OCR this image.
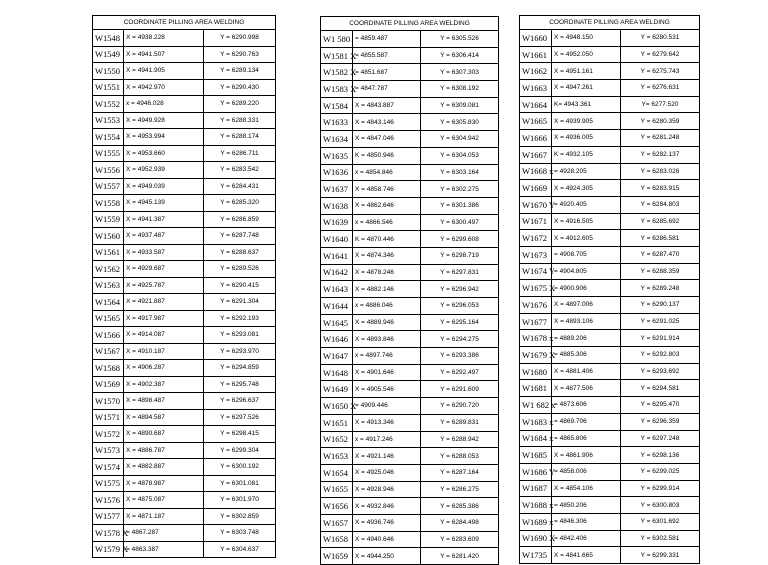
COORDINATE PILLING AREA WELDING		
W1548	X = 4938.228	Y = 6290.998
W1549	X = 4941.507	Y = 6290.763
W1550	X = 4941.905	Y = 6289.134
W1551	X = 4942.970	Y = 6290.430
W1552	x = 4946.028	Y = 6289.220
W1553	X = 4949.928	Y = 6288.331
W1554	X = 4953.994	Y = 6288.174
W1555	X = 4953.660	Y = 6286.711
W1556	X = 4952.939	Y = 6283.542
W1557	X = 4949.039	Y = 6284.431
W1558	X = 4945.139	Y = 6285.320
W1559	X = 4941.387	Y = 6286.859
W1560	X = 4937.487	Y = 6287.748
W1561	X = 4933.587	Y = 6288.637
W1562	X = 4929.687	Y = 6289.526
W1563	X = 4925.787	Y = 6290.415
W1564	X = 4921.887	Y = 6291.304
W1565	X = 4917.987	Y = 6292.193
W1566	X = 4914.087	Y = 6293.081
W1567	X = 4910.187	Y = 6293.970
W1568	X = 4906.287	Y = 6294.859
W1569	X = 4902.387	Y = 6295.748
W1570	X = 4898.487	Y = 6296.637
W1571	X = 4894.587	Y = 6297.526
W1572	X = 4890.687	Y = 6298.415
W1573	X = 4886.787	Y = 6299.304
W1574	X = 4882.887	Y = 6300.192
W1575	X = 4878.987	Y = 6301.081
W1576	X = 4875.087	Y = 6301.970
W1577	X = 4871.187	Y = 6302.859
W1578 X	= 4867.287	Y = 6303.748
W1579 X	= 4863.387	Y = 6304.637
COORDINATE PILLING AREA WELDING		
W1 580	= 4859.487	Y = 6305.526
W1581 X	= 4855.587	Y = 6306.414
W1582 X	= 4851.687	Y = 6307.303
W1583 X	= 4847.787	Y = 6308.192
W1584	X = 4843.887	Y = 6309.081
W1633	X = 4843.146	Y = 6305.830
W1634	X = 4847.046	Y = 6304.942
W1635	K = 4850.946	Y = 6304.053
W1636	x = 4854.846	Y = 6303.164
W1637	X = 4858.746	Y = 6302.275
W1638	X = 4862.646	Y = 6301.386
W1639	x = 4866.546	Y = 6300.497
W1640	K = 4870.446	Y = 6299.608
W1641	X = 4874.346	Y = 6298.719
W1642	X = 4878.246	Y = 6297.831
W1643	X = 4882.146	Y = 6296.942
W1644	x = 4886.046	Y = 6296.053
W1645	X = 4889.946	Y = 6295.164
W1646	X = 4893.846	Y = 6294.275
W1647	x = 4897.746	Y = 6293.386
W1648	X = 4901.646	Y = 6292.497
W1649	X = 4905.546	Y = 6291.609
W1650 X	= 4909.446	Y = 6290.720
W1651	X = 4913.346	Y = 6289.831
W1652	x = 4917.246	Y = 6288.942
W1653	X = 4921.146	Y = 6288.053
W1654	X = 4925.046	Y = 6287.164
W1655	X = 4928.946	Y = 6286.275
W1656	X = 4932.846	Y = 6285.386
W1657	X = 4936.746	Y = 6284.498
W1658	X = 4940.646	Y = 6283.609
W1659	X = 4944.250	Y = 6281.420
COORDINATE PILLING AREA WELDING		
W1660	X = 4948.150	Y = 6280.531
W1661	X = 4952.050	Y = 6279.642
W1662	X = 4951.161	Y = 6275.743
W1663	X = 4947.261	Y = 6276.631
W1664	K= 4943.361	Y= 6277.520
W1665	X = 4939.905	Y = 6280.359
W1666	X = 4936.005	Y = 6281.248
W1667	K = 4932.105	Y = 6282.137
W1668 x	= 4928.205	Y = 6283.026
W1669	X = 4924.305	Y = 6283.915
W1670 Y	= 4920.405	Y = 6284.803
W1671	X = 4916.505	Y = 6285.692
W1672	X = 4912.605	Y = 6286.581
W1673	= 4908.705	Y = 6287.470
W1674 Y	= 4904.805	Y = 6288.359
W1675 X	= 4900.906	Y = 6289.248
W1676	X = 4897.006	Y = 6290.137
W1677	X = 4893.106	Y = 6291.025
W1678 x	= 4889.206	Y = 6291.914
W1679 X	= 4885.306	Y = 6292.803
W1680	X = 4881.406	Y = 6293.692
W1681	X = 4877.506	Y = 6294.581
W1 682 x	= 4873.606	Y = 6295.470
W1683 x	= 4869.706	Y = 6296.359
W1684 x	= 4865.806	Y = 6297.248
W1685	X = 4861.906	Y = 6298.136
W1686 Y	= 4858.006	Y = 6299.025
W1687	X = 4854.106	Y = 6299.914
W1688 x	= 4850.206	Y = 6300.803
W1689 x	= 4846.306	Y = 6301.692
W1690 X	= 4842.406	Y = 6302.581
W1735	X = 4841.665	Y = 6299.331
